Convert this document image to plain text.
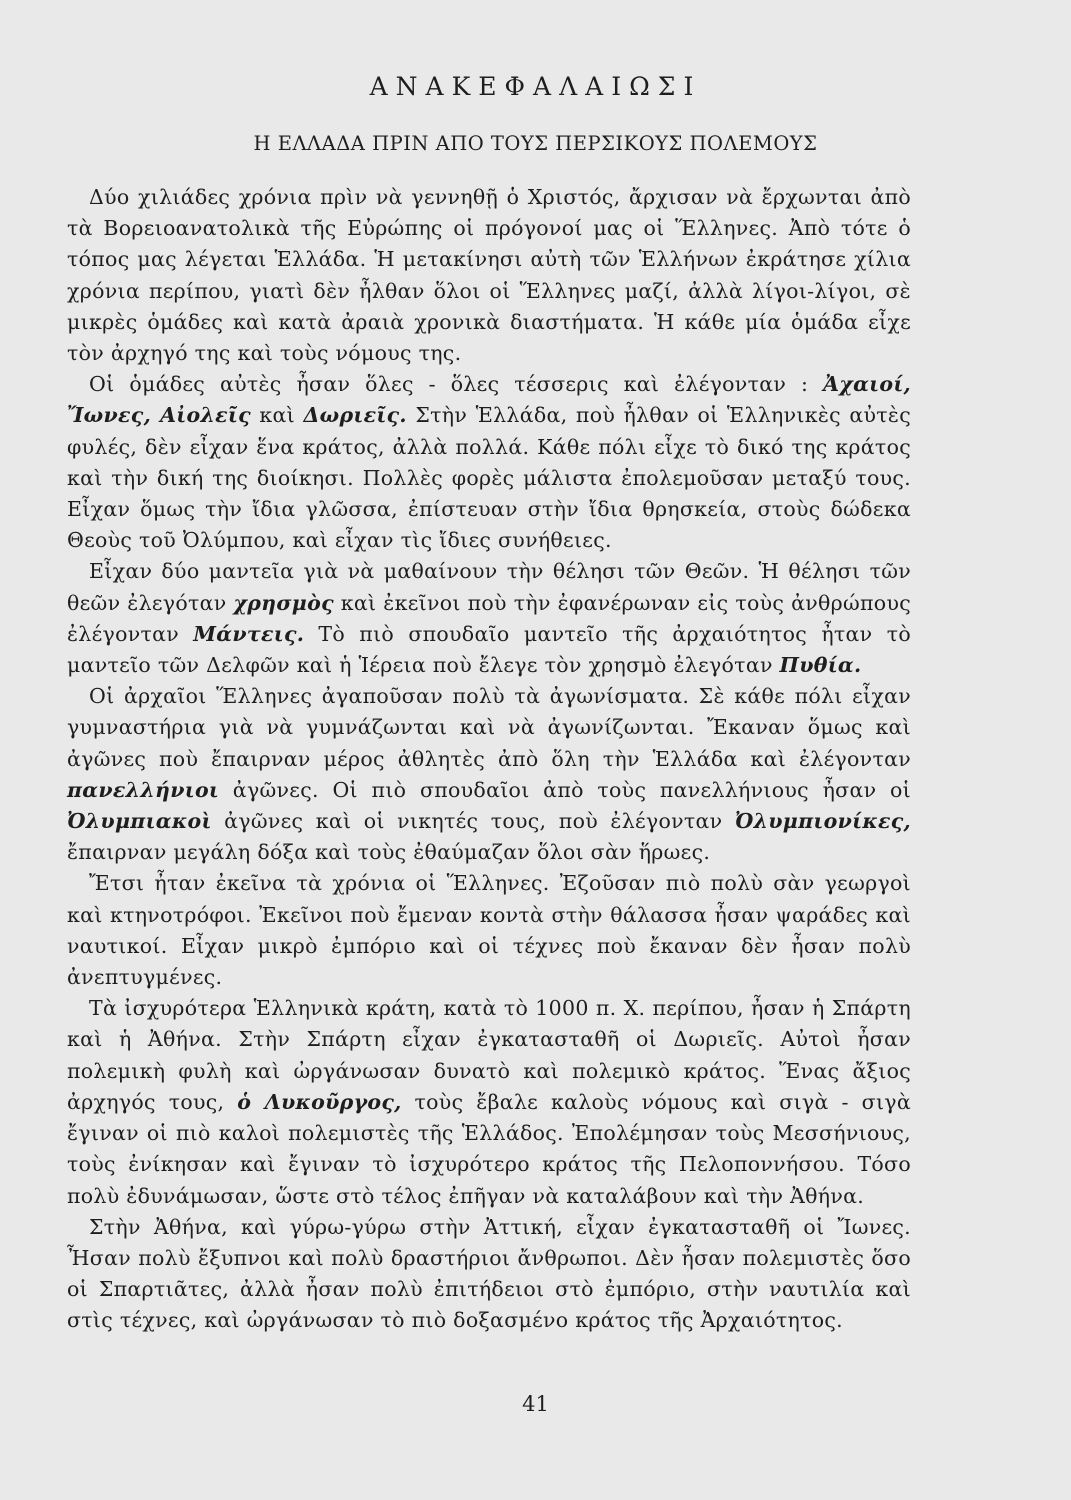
ΑΝΑΚΕΦΑΛΑΙΩΣΙ
Η ΕΛΛΑΔΑ ΠΡΙΝ ΑΠΟ ΤΟΥΣ ΠΕΡΣΙΚΟΥΣ ΠΟΛΕΜΟΥΣ

Δύο χιλιάδες χρόνια πρὶν νὰ γεννηθῇ ὁ Χριστός, ἄρχισαν νὰ ἔρχωνται ἀπὸ τὰ Βορειοανατολικὰ τῆς Εὐρώπης οἱ πρόγονοί μας οἱ Ἕλληνες. Ἀπὸ τότε ὁ τόπος μας λέγεται Ἑλλάδα. Ἡ μετακίνησι αὐτὴ τῶν Ἑλλήνων ἐκράτησε χίλια χρόνια περίπου, γιατὶ δὲν ἦλθαν ὅλοι οἱ Ἕλληνες μαζί, ἀλλὰ λίγοι-λίγοι, σὲ μικρὲς ὁμάδες καὶ κατὰ ἀραιὰ χρονικὰ διαστήματα. Ἡ κάθε μία ὁμάδα εἶχε τὸν ἀρχηγό της καὶ τοὺς νόμους της.

Οἱ ὁμάδες αὐτὲς ἦσαν ὅλες - ὅλες τέσσερις καὶ ἐλέγονταν : Ἀχαιοί, Ἴωνες, Αἰολεῖς καὶ Δωριεῖς. Στὴν Ἑλλάδα, ποὺ ἦλθαν οἱ Ἑλληνικὲς αὐτὲς φυλές, δὲν εἶχαν ἕνα κράτος, ἀλλὰ πολλά. Κάθε πόλι εἶχε τὸ δικό της κράτος καὶ τὴν δική της διοίκησι. Πολλὲς φορὲς μάλιστα ἐπολεμοῦσαν μεταξύ τους. Εἶχαν ὅμως τὴν ἴδια γλῶσσα, ἐπίστευαν στὴν ἴδια θρησκεία, στοὺς δώδεκα Θεοὺς τοῦ Ὀλύμπου, καὶ εἶχαν τὶς ἴδιες συνήθειες.

Εἶχαν δύο μαντεῖα γιὰ νὰ μαθαίνουν τὴν θέλησι τῶν Θεῶν. Ἡ θέλησι τῶν θεῶν ἐλεγόταν χρησμὸς καὶ ἐκεῖνοι ποὺ τὴν ἐφανέρωναν εἰς τοὺς ἀνθρώπους ἐλέγονταν Μάντεις. Τὸ πιὸ σπουδαῖο μαντεῖο τῆς ἀρχαιότητος ἦταν τὸ μαντεῖο τῶν Δελφῶν καὶ ἡ Ἱέρεια ποὺ ἔλεγε τὸν χρησμὸ ἐλεγόταν Πυθία.

Οἱ ἀρχαῖοι Ἕλληνες ἀγαποῦσαν πολὺ τὰ ἀγωνίσματα. Σὲ κάθε πόλι εἶχαν γυμναστήρια γιὰ νὰ γυμνάζωνται καὶ νὰ ἀγωνίζωνται. Ἔκαναν ὅμως καὶ ἀγῶνες ποὺ ἔπαιρναν μέρος ἀθλητὲς ἀπὸ ὅλη τὴν Ἑλλάδα καὶ ἐλέγονταν πανελλήνιοι ἀγῶνες. Οἱ πιὸ σπουδαῖοι ἀπὸ τοὺς πανελλήνιους ἦσαν οἱ Ὀλυμπιακοὶ ἀγῶνες καὶ οἱ νικητές τους, ποὺ ἐλέγονταν Ὀλυμπιονίκες, ἔπαιρναν μεγάλη δόξα καὶ τοὺς ἐθαύμαζαν ὅλοι σὰν ἥρωες.

Ἔτσι ἦταν ἐκεῖνα τὰ χρόνια οἱ Ἕλληνες. Ἐζοῦσαν πιὸ πολὺ σὰν γεωργοὶ καὶ κτηνοτρόφοι. Ἐκεῖνοι ποὺ ἔμεναν κοντὰ στὴν θάλασσα ἦσαν ψαράδες καὶ ναυτικοί. Εἶχαν μικρὸ ἐμπόριο καὶ οἱ τέχνες ποὺ ἔκαναν δὲν ἦσαν πολὺ ἀνεπτυγμένες.

Τὰ ἰσχυρότερα Ἑλληνικὰ κράτη, κατὰ τὸ 1000 π. Χ. περίπου, ἦσαν ἡ Σπάρτη καὶ ἡ Ἀθήνα. Στὴν Σπάρτη εἶχαν ἐγκατασταθῆ οἱ Δωριεῖς. Αὐτοὶ ἦσαν πολεμικὴ φυλὴ καὶ ὠργάνωσαν δυνατὸ καὶ πολεμικὸ κράτος. Ἕνας ἄξιος ἀρχηγός τους, ὁ Λυκοῦργος, τοὺς ἔβαλε καλοὺς νόμους καὶ σιγὰ - σιγὰ ἔγιναν οἱ πιὸ καλοὶ πολεμιστὲς τῆς Ἑλλάδος. Ἐπολέμησαν τοὺς Μεσσήνιους, τοὺς ἐνίκησαν καὶ ἔγιναν τὸ ἰσχυρότερο κράτος τῆς Πελοποννήσου. Τόσο πολὺ ἐδυνάμωσαν, ὥστε στὸ τέλος ἐπῆγαν νὰ καταλάβουν καὶ τὴν Ἀθήνα.

Στὴν Ἀθήνα, καὶ γύρω-γύρω στὴν Ἀττική, εἶχαν ἐγκατασταθῆ οἱ Ἴωνες. Ἦσαν πολὺ ἔξυπνοι καὶ πολὺ δραστήριοι ἄνθρωποι. Δὲν ἦσαν πολεμιστὲς ὅσο οἱ Σπαρτιᾶτες, ἀλλὰ ἦσαν πολὺ ἐπιτήδειοι στὸ ἐμπόριο, στὴν ναυτιλία καὶ στὶς τέχνες, καὶ ὠργάνωσαν τὸ πιὸ δοξασμένο κράτος τῆς Ἀρχαιότητος.

41
